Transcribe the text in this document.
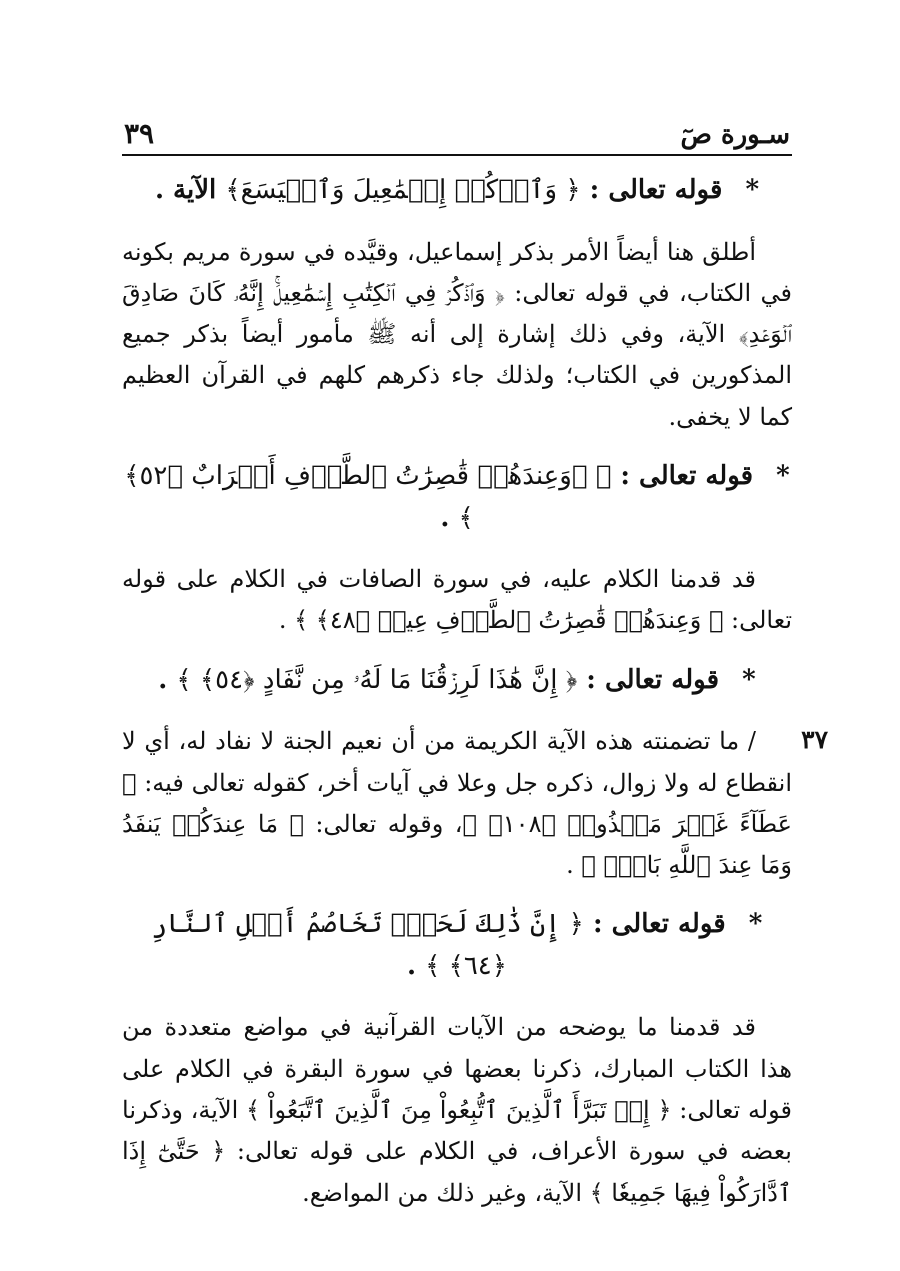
سـورة صٓ
٣٩
* قوله تعالى : ﴿ وَٱذۡكُرۡ إِسۡمَٰعِيلَ وَٱلۡيَسَعَ﴾ الآية .

أطلق هنا أيضاً الأمر بذكر إسماعيل، وقيَّده في سورة مريم بكونه في الكتاب، في قوله تعالى: ﴿ وَٱذۡكُرۡ فِي ٱلۡكِتَٰبِ إِسۡمَٰعِيلَۚ إِنَّهُۥ كَانَ صَادِقَ ٱلۡوَعۡدِ﴾ الآية، وفي ذلك إشارة إلى أنه ﷺ مأمور أيضاً بذكر جميع المذكورين في الكتاب؛ ولذلك جاء ذكرهم كلهم في القرآن العظيم كما لا يخفى.

* قوله تعالى : ﴿ ۞وَعِندَهُمۡ قَٰصِرَٰتُ ٱلطَّرۡفِ أَتۡرَابٌ ﴿٥٢﴾ ﴾ .

قد قدمنا الكلام عليه، في سورة الصافات في الكلام على قوله تعالى: ﴿ وَعِندَهُمۡ قَٰصِرَٰتُ ٱلطَّرۡفِ عِينٞ ﴿٤٨﴾ ﴾ .

* قوله تعالى : ﴿ إِنَّ هَٰذَا لَرِزۡقُنَا مَا لَهُۥ مِن نَّفَادٍ ﴿٥٤﴾ ﴾ .
٣٧

/ ما تضمنته هذه الآية الكريمة من أن نعيم الجنة لا نفاد له، أي لا انقطاع له ولا زوال، ذكره جل وعلا في آيات أخر، كقوله تعالى فيه: ﴿ عَطَآءً غَيۡرَ مَجۡذُوذٖ ﴿١٠٨﴾ ﴾، وقوله تعالى: ﴿ مَا عِندَكُمۡ يَنفَدُ وَمَا عِندَ ٱللَّهِ بَاقٖۗ ﴾ .

* قوله تعالى : ﴿ إِنَّ ذَٰلِكَ لَحَقّٞ تَخَاصُمُ أَهۡلِ ٱلنَّارِ ﴿٦٤﴾ ﴾ .

قد قدمنا ما يوضحه من الآيات القرآنية في مواضع متعددة من هذا الكتاب المبارك، ذكرنا بعضها في سورة البقرة في الكلام على قوله تعالى: ﴿ إِذۡ تَبَرَّأَ ٱلَّذِينَ ٱتُّبِعُواْ مِنَ ٱلَّذِينَ ٱتَّبَعُواْ ﴾ الآية، وذكرنا بعضه في سورة الأعراف، في الكلام على قوله تعالى: ﴿ حَتَّىٰٓ إِذَا ٱدَّارَكُواْ فِيهَا جَمِيعٗا ﴾ الآية، وغير ذلك من المواضع.
